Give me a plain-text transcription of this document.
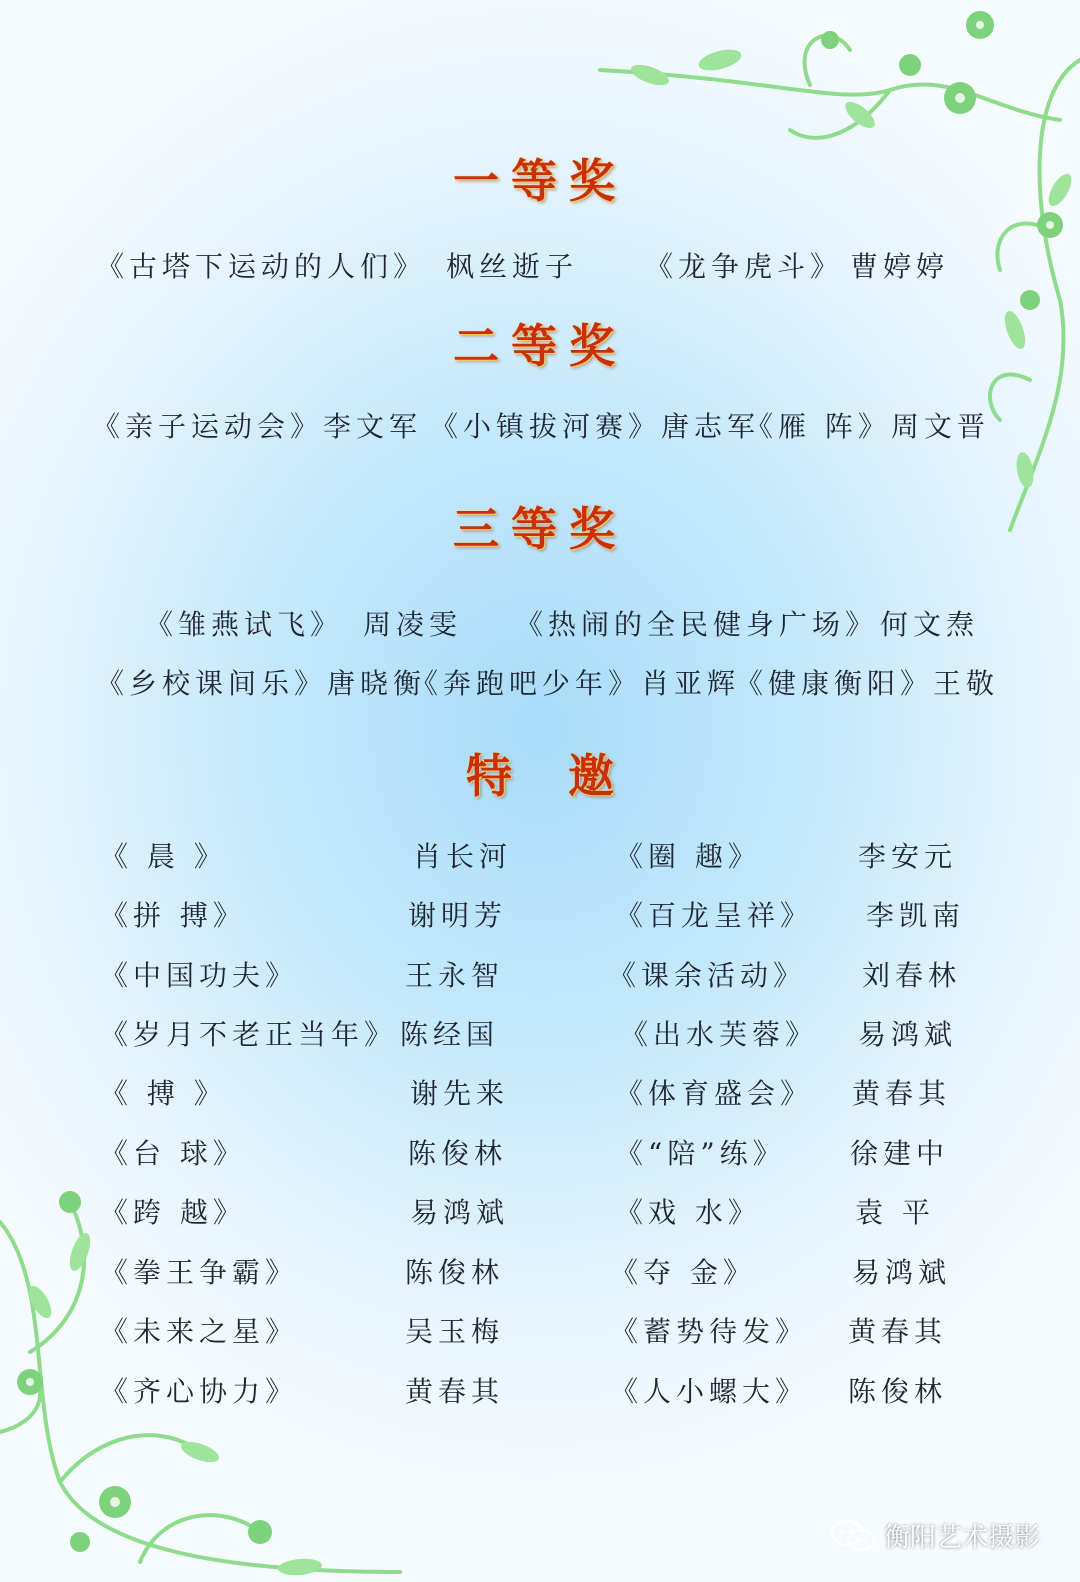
一等奖
《古塔下运动的人们》 枫丝逝子 《龙争虎斗》 曹婷婷
二等奖
《亲子运动会》李文军 《小镇拔河赛》唐志军
《雁 阵》周文晋
三等奖
《雏燕试飞》 周凌雯 《热闹的全民健身广场》 何文焘
《乡校课间乐》唐晓衡
《奔跑吧少年》肖亚辉
《健康衡阳》王敬
特 邀
《 晨 》	肖长河	《圈 趣》	李安元
《拼 搏》	谢明芳	《百龙呈祥》 李凯南
《中国功夫》	王永智	《课余活动》 刘春林
《岁月不老正当年》 陈经国	《出水芙蓉》 易鸿斌
《 搏 》	谢先来	《体育盛会》 黄春其
《台 球》	陈俊林	《“陪”练》 徐建中
《跨 越》	易鸿斌	《戏 水》	袁 平
《拳王争霸》	陈俊林	《夺 金》	易鸿斌
《未来之星》	吴玉梅	《蓄势待发》 黄春其
《齐心协力》	黄春其	《人小螺大》 陈俊林
衡阳艺术摄影
